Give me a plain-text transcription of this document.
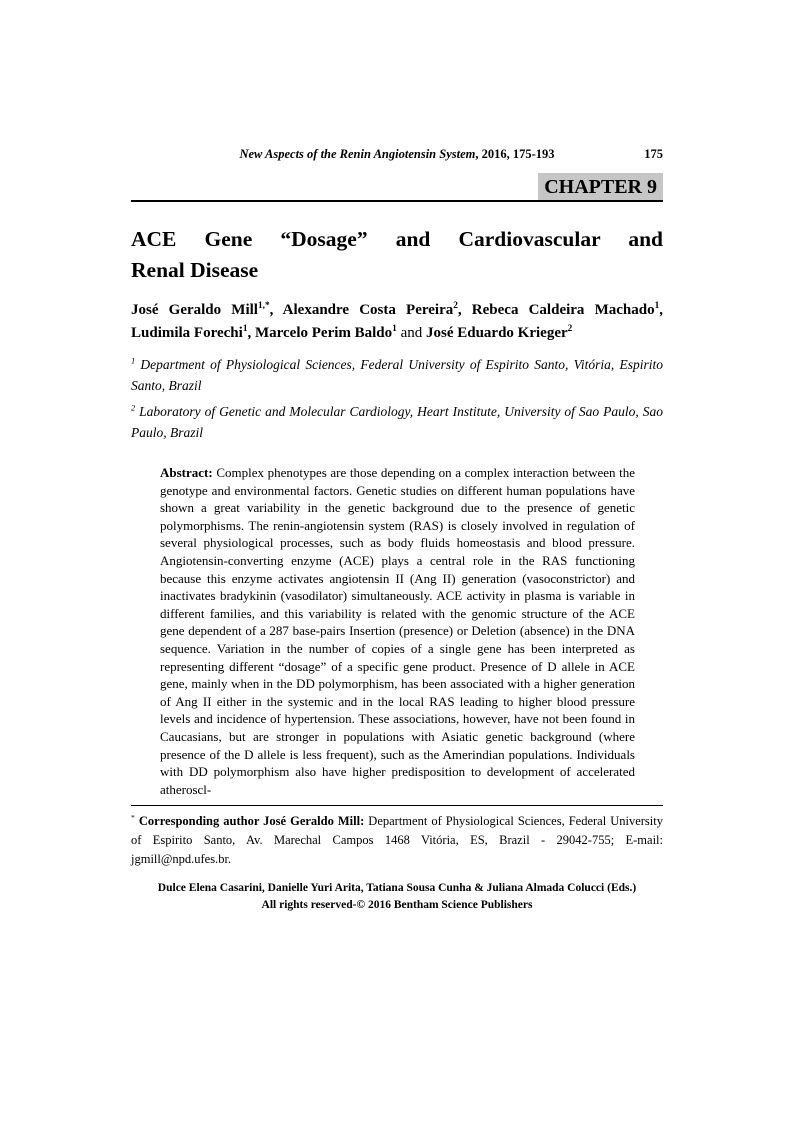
New Aspects of the Renin Angiotensin System, 2016, 175-193	175
CHAPTER 9
ACE Gene “Dosage” and Cardiovascular and
Renal Disease

José Geraldo Mill$^{1,*}$, Alexandre Costa Pereira$^2$, Rebeca Caldeira Machado$^1$, Ludimila Forechi$^1$, Marcelo Perim Baldo$^1$ and José Eduardo Krieger$^2$

$^1$ Department of Physiological Sciences, Federal University of Espirito Santo, Vitória, Espirito Santo, Brazil

$^2$ Laboratory of Genetic and Molecular Cardiology, Heart Institute, University of Sao Paulo, Sao Paulo, Brazil

Abstract: Complex phenotypes are those depending on a complex interaction between the genotype and environmental factors. Genetic studies on different human populations have shown a great variability in the genetic background due to the presence of genetic polymorphisms. The renin-angiotensin system (RAS) is closely involved in regulation of several physiological processes, such as body fluids homeostasis and blood pressure. Angiotensin-converting enzyme (ACE) plays a central role in the RAS functioning because this enzyme activates angiotensin II (Ang II) generation (vasoconstrictor) and inactivates bradykinin (vasodilator) simultaneously. ACE activity in plasma is variable in different families, and this variability is related with the genomic structure of the ACE gene dependent of a 287 base-pairs Insertion (presence) or Deletion (absence) in the DNA sequence. Variation in the number of copies of a single gene has been interpreted as representing different “dosage” of a specific gene product. Presence of D allele in ACE gene, mainly when in the DD polymorphism, has been associated with a higher generation of Ang II either in the systemic and in the local RAS leading to higher blood pressure levels and incidence of hypertension. These associations, however, have not been found in Caucasians, but are stronger in populations with Asiatic genetic background (where presence of the D allele is less frequent), such as the Amerindian populations. Individuals with DD polymorphism also have higher predisposition to development of accelerated atheroscl-

* Corresponding author José Geraldo Mill: Department of Physiological Sciences, Federal University of Espirito Santo, Av. Marechal Campos 1468 Vitória, ES, Brazil - 29042-755; E-mail: jgmill@npd.ufes.br.

Dulce Elena Casarini, Danielle Yuri Arita, Tatiana Sousa Cunha & Juliana Almada Colucci (Eds.)
All rights reserved-© 2016 Bentham Science Publishers
